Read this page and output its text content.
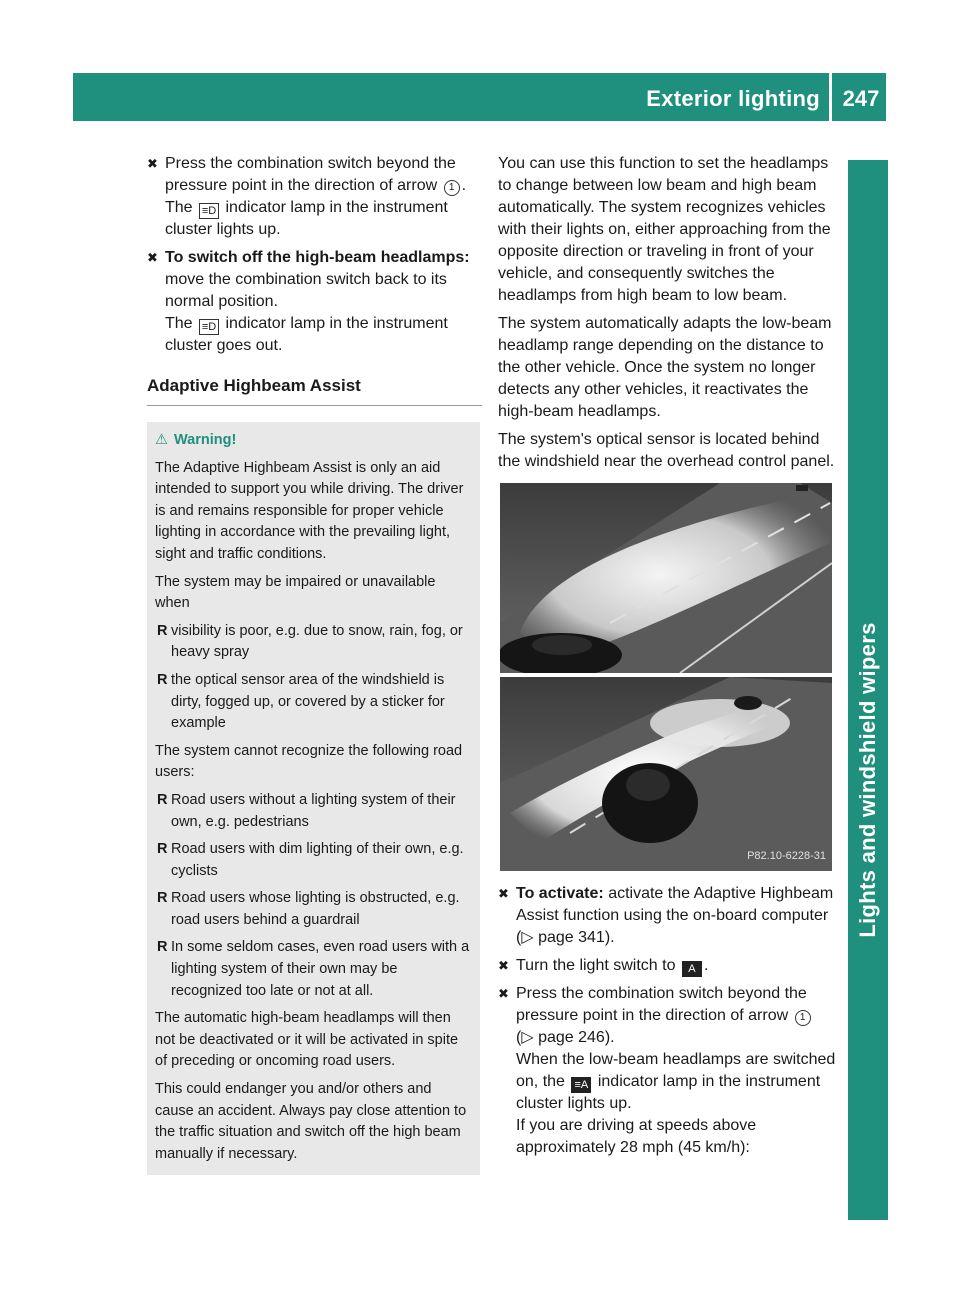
Exterior lighting	247
Lights and windshield wipers
✖ Press the combination switch beyond the pressure point in the direction of arrow 1 .
The ≡D indicator lamp in the instrument cluster lights up.

✖ To switch off the high-beam headlamps: move the combination switch back to its normal position.
The ≡D indicator lamp in the instrument cluster goes out.

Adaptive Highbeam Assist

⚠ Warning!

The Adaptive Highbeam Assist is only an aid intended to support you while driving. The driver is and remains responsible for proper vehicle lighting in accordance with the prevailing light, sight and traffic conditions.

The system may be impaired or unavailable when

R visibility is poor, e.g. due to snow, rain, fog, or heavy spray
R the optical sensor area of the windshield is dirty, fogged up, or covered by a sticker for example

The system cannot recognize the following road users:

R Road users without a lighting system of their own, e.g. pedestrians
R Road users with dim lighting of their own, e.g. cyclists
R Road users whose lighting is obstructed, e.g. road users behind a guardrail
R In some seldom cases, even road users with a lighting system of their own may be recognized too late or not at all.

The automatic high-beam headlamps will then not be deactivated or it will be activated in spite of preceding or oncoming road users.

This could endanger you and/or others and cause an accident. Always pay close attention to the traffic situation and switch off the high beam manually if necessary.

You can use this function to set the headlamps to change between low beam and high beam automatically. The system recognizes vehicles with their lights on, either approaching from the opposite direction or traveling in front of your vehicle, and consequently switches the headlamps from high beam to low beam.

The system automatically adapts the low-beam headlamp range depending on the distance to the other vehicle. Once the system no longer detects any other vehicles, it reactivates the high-beam headlamps.

The system's optical sensor is located behind the windshield near the overhead control panel.

P82.10-6228-31
✖ To activate: activate the Adaptive Highbeam Assist function using the on-board computer (▷ page 341).

✖ Turn the light switch to A .

✖ Press the combination switch beyond the pressure point in the direction of arrow 1
(▷ page 246).
When the low-beam headlamps are switched on, the ≡A indicator lamp in the instrument cluster lights up.
If you are driving at speeds above approximately 28 mph (45 km/h):
